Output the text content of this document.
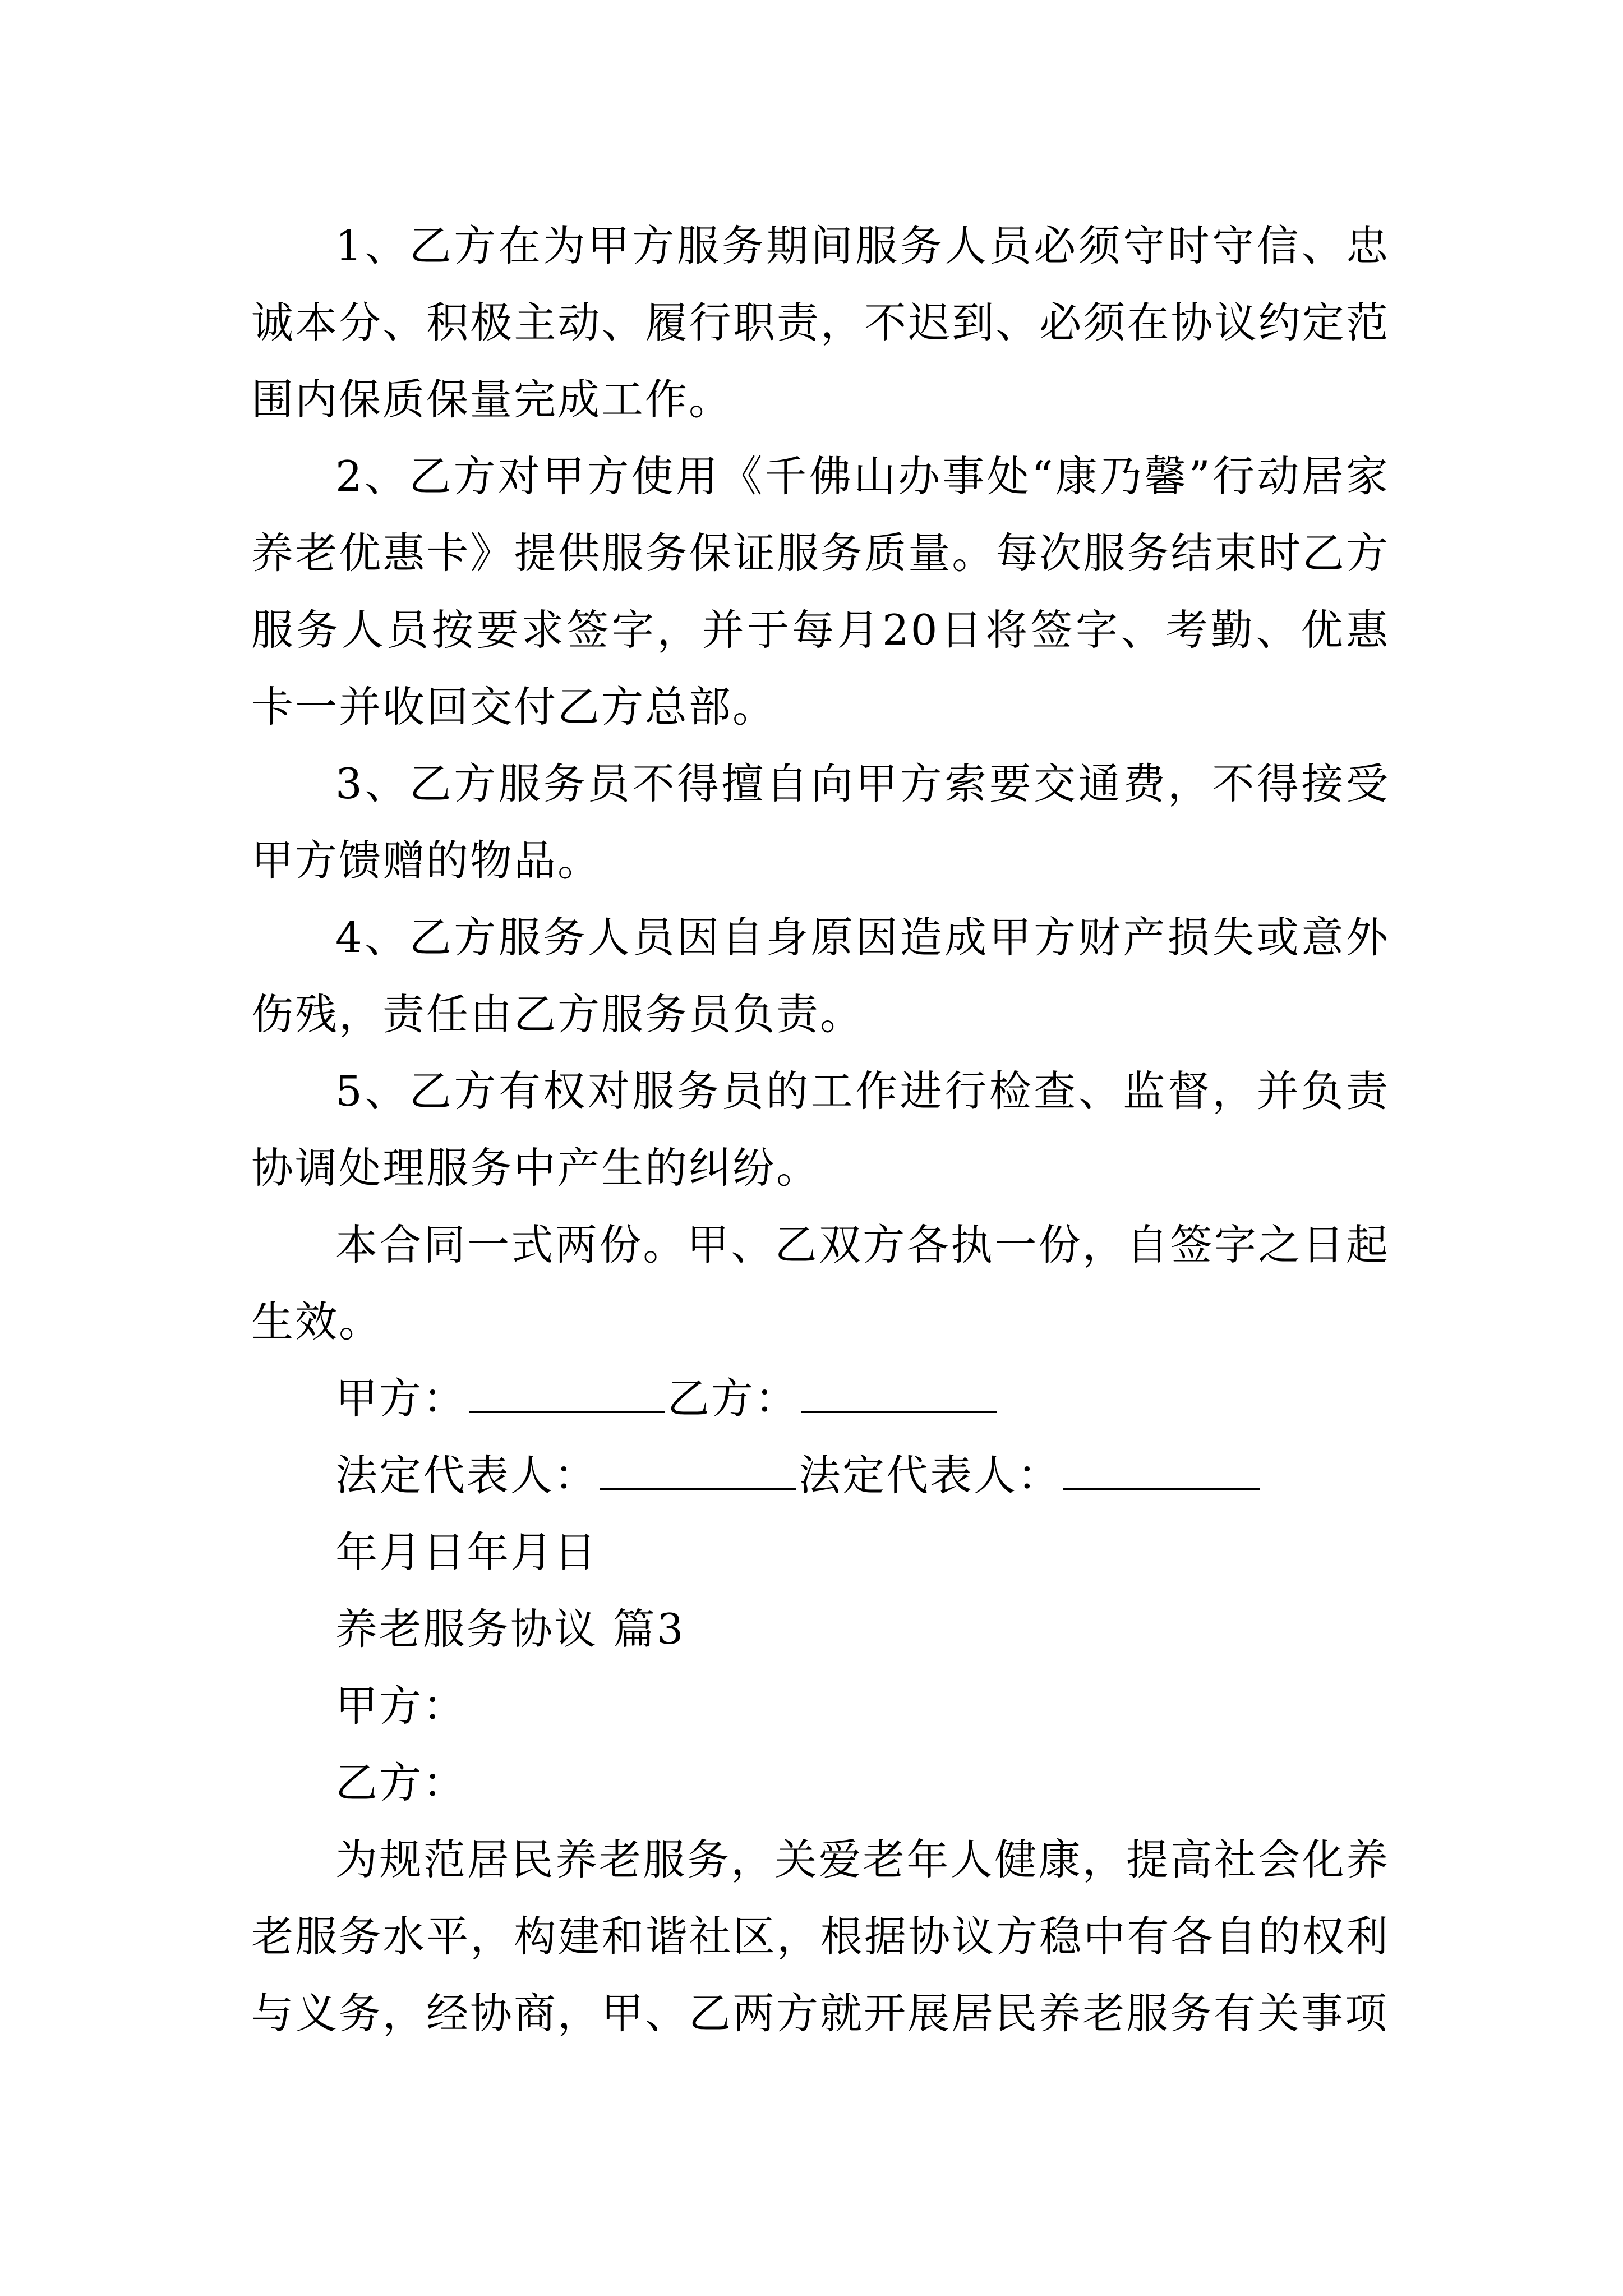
1、乙方在为甲方服务期间服务人员必须守时守信、忠诚本分、积极主动、履行职责，不迟到、必须在协议约定范围内保质保量完成工作。

2、乙方对甲方使用《千佛山办事处“康乃馨”行动居家养老优惠卡》提供服务保证服务质量。每次服务结束时乙方服务人员按要求签字，并于每月20日将签字、考勤、优惠卡一并收回交付乙方总部。

3、乙方服务员不得擅自向甲方索要交通费，不得接受甲方馈赠的物品。

4、乙方服务人员因自身原因造成甲方财产损失或意外伤残，责任由乙方服务员负责。

5、乙方有权对服务员的工作进行检查、监督，并负责协调处理服务中产生的纠纷。

本合同一式两份。甲、乙双方各执一份，自签字之日起生效。

甲方：	乙方：
法定代表人：	法定代表人：
年月日年月日
养老服务协议 篇3
甲方：
乙方：

为规范居民养老服务，关爱老年人健康，提高社会化养老服务水平，构建和谐社区，根据协议方稳中有各自的权利与义务，经协商，甲、乙两方就开展居民养老服务有关事项
